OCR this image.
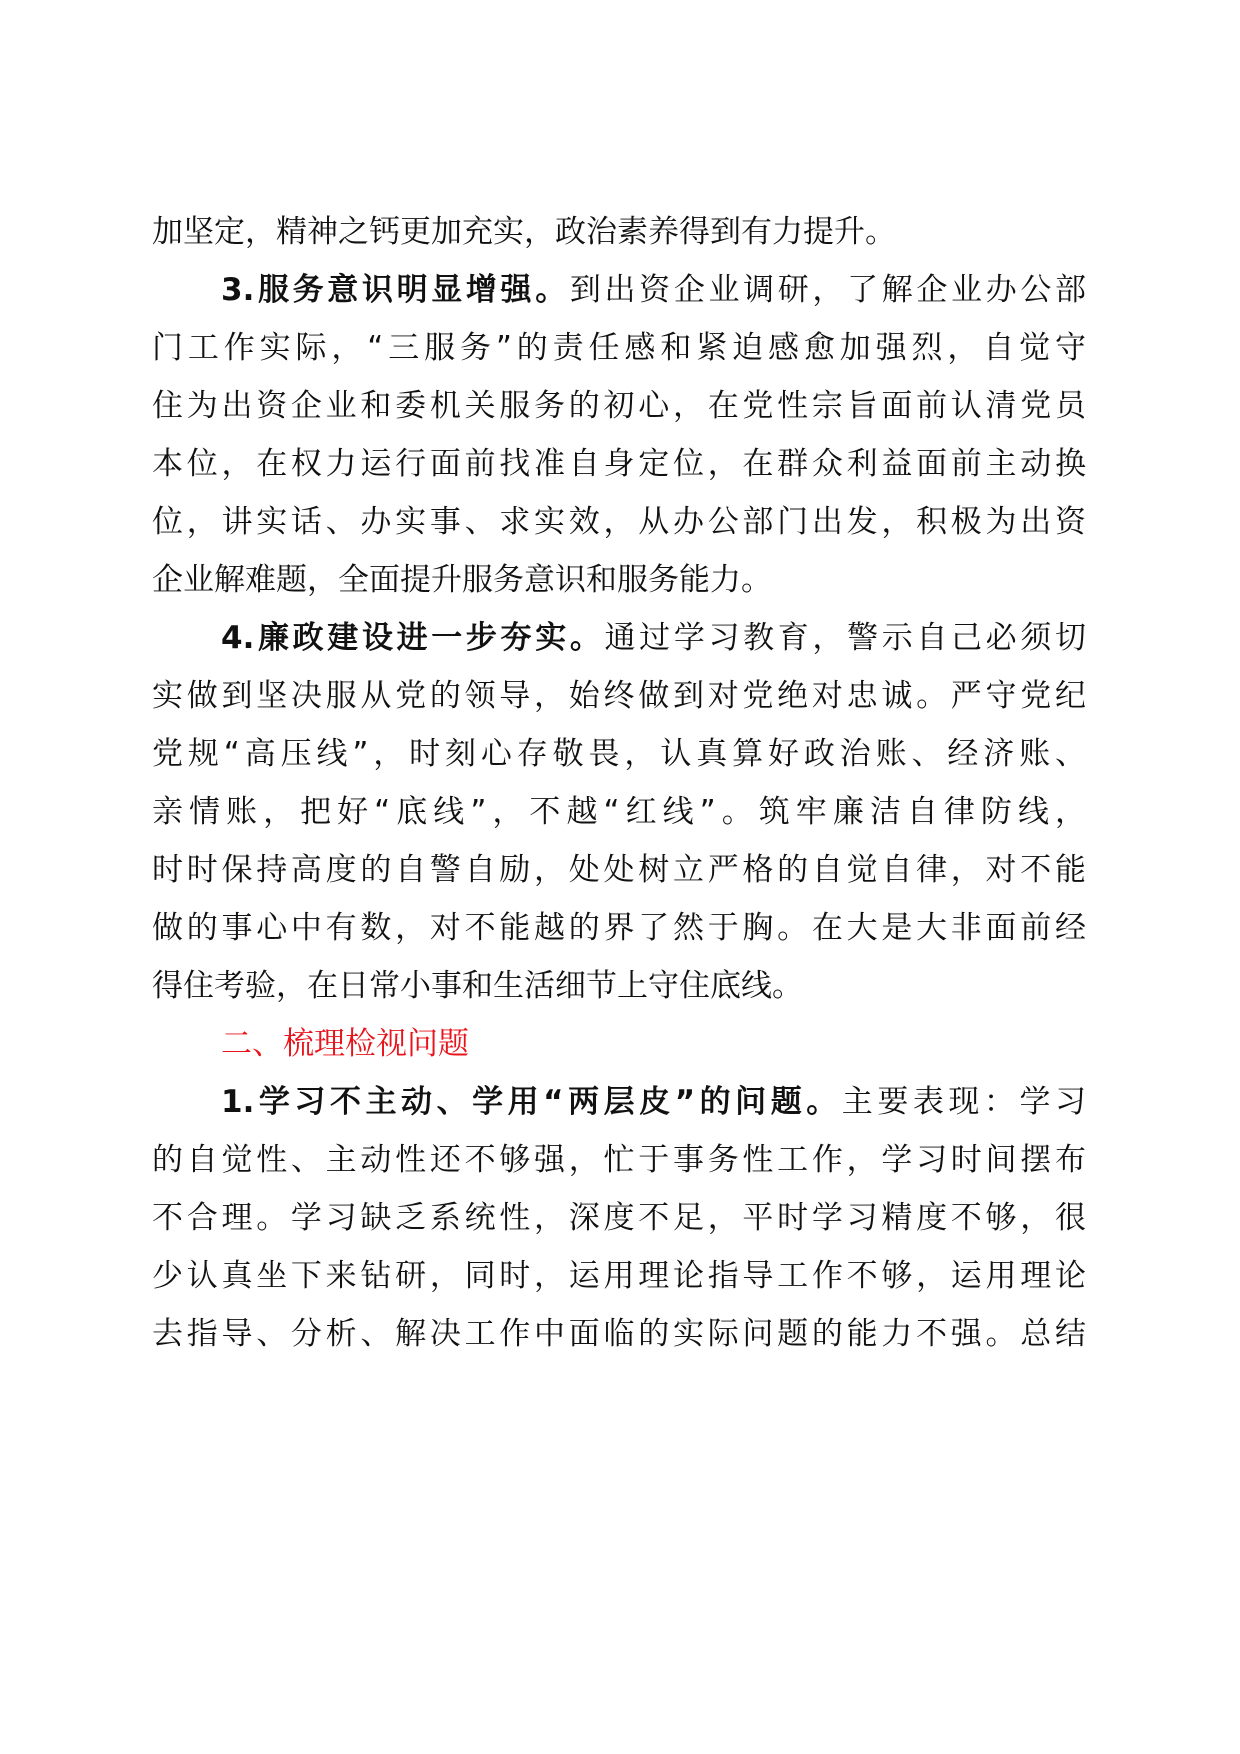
加坚定，精神之钙更加充实，政治素养得到有力提升。
3.服务意识明显增强。到出资企业调研，了解企业办公部
门工作实际，“三服务”的责任感和紧迫感愈加强烈，自觉守
住为出资企业和委机关服务的初心，在党性宗旨面前认清党员
本位，在权力运行面前找准自身定位，在群众利益面前主动换
位，讲实话、办实事、求实效，从办公部门出发，积极为出资
企业解难题，全面提升服务意识和服务能力。
4.廉政建设进一步夯实。通过学习教育，警示自己必须切
实做到坚决服从党的领导，始终做到对党绝对忠诚。严守党纪
党规“高压线”，时刻心存敬畏，认真算好政治账、经济账、
亲情账，把好“底线”，不越“红线”。筑牢廉洁自律防线，
时时保持高度的自警自励，处处树立严格的自觉自律，对不能
做的事心中有数，对不能越的界了然于胸。在大是大非面前经
得住考验，在日常小事和生活细节上守住底线。
二、梳理检视问题
1.学习不主动、学用“两层皮”的问题。主要表现：学习
的自觉性、主动性还不够强，忙于事务性工作，学习时间摆布
不合理。学习缺乏系统性，深度不足，平时学习精度不够，很
少认真坐下来钻研，同时，运用理论指导工作不够，运用理论
去指导、分析、解决工作中面临的实际问题的能力不强。总结
